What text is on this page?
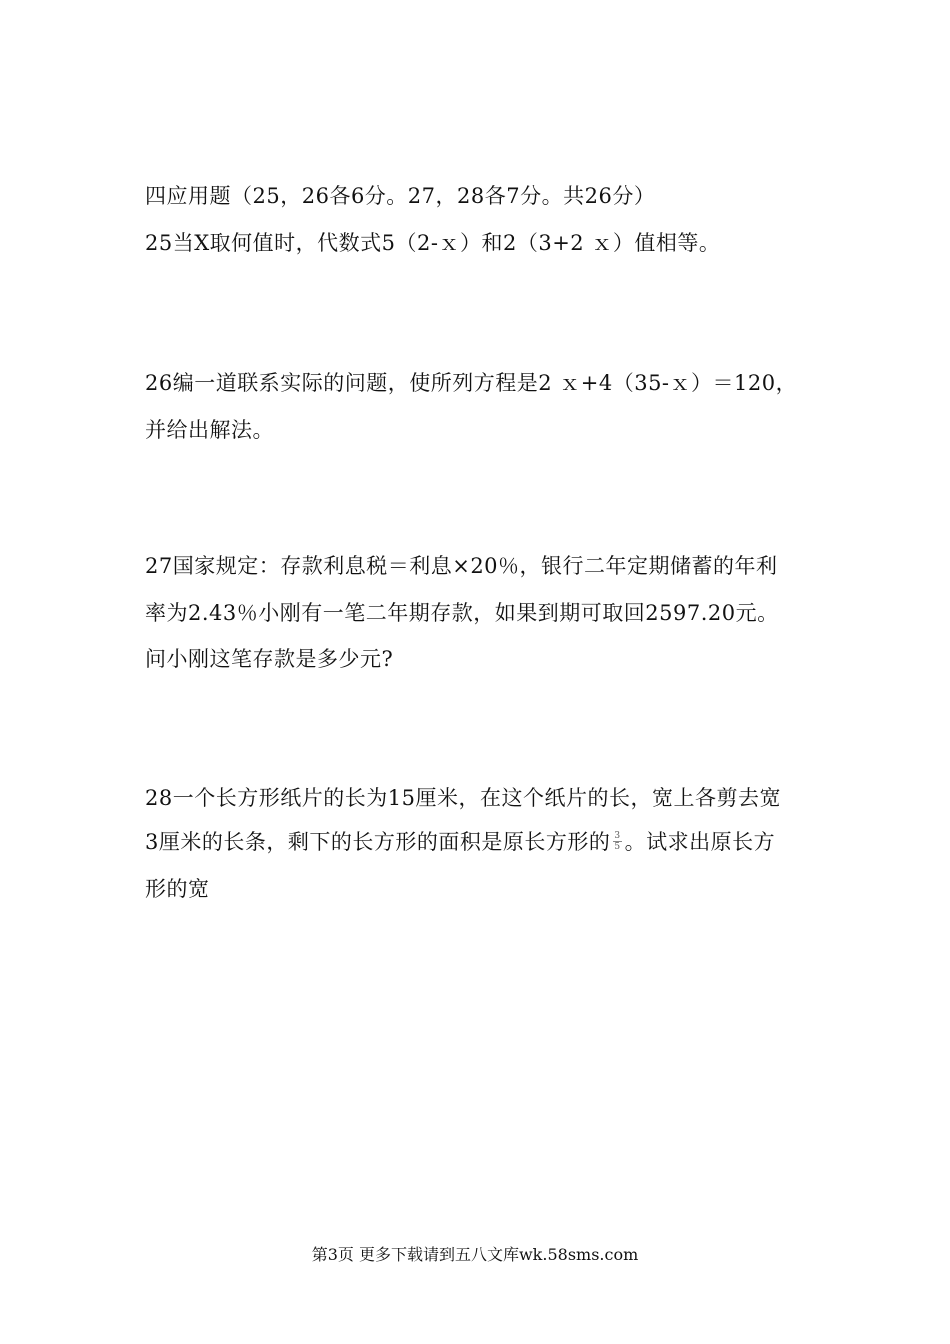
四应用题（25，26各6分。27，28各7分。共26分）
25当X取何值时，代数式5（2-ｘ）和2（3+2 ｘ）值相等。
26编一道联系实际的问题，使所列方程是2 ｘ+4（35-ｘ）＝120，
并给出解法。
27国家规定：存款利息税＝利息×20％，银行二年定期储蓄的年利
率为2.43％小刚有一笔二年期存款，如果到期可取回2597.20元。
问小刚这笔存款是多少元?
28一个长方形纸片的长为15厘米，在这个纸片的长，宽上各剪去宽
3厘米的长条，剩下的长方形的面积是原长方形的 $\frac{3}{5}$ 。试求出原长方
形的宽
第3页 更多下载请到五八文库wk.58sms.com
